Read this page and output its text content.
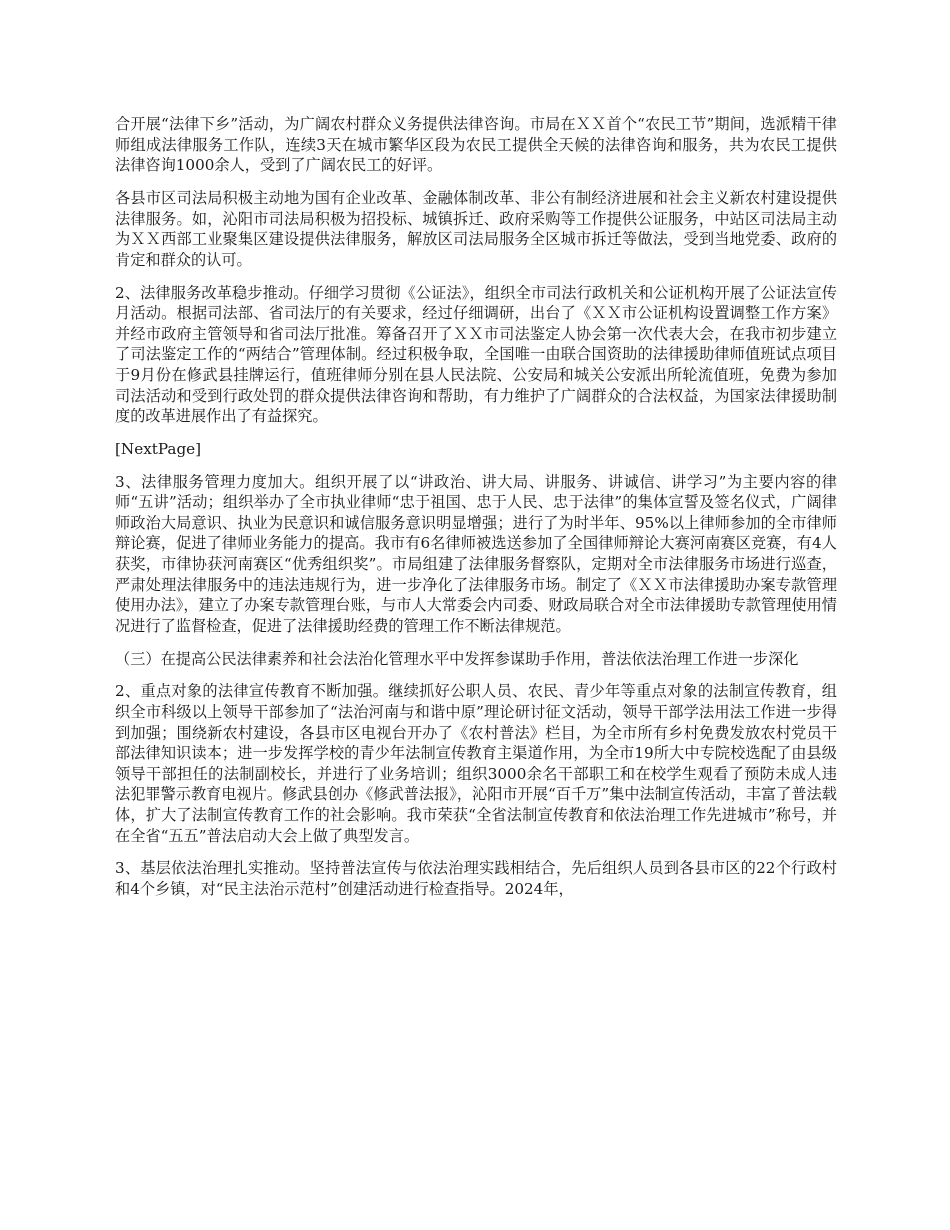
合开展“法律下乡”活动，为广阔农村群众义务提供法律咨询。市局在ＸＸ首个“农民工节”期间，选派精干律师组成法律服务工作队，连续3天在城市繁华区段为农民工提供全天候的法律咨询和服务，共为农民工提供法律咨询1000余人，受到了广阔农民工的好评。

各县市区司法局积极主动地为国有企业改革、金融体制改革、非公有制经济进展和社会主义新农村建设提供法律服务。如，沁阳市司法局积极为招投标、城镇拆迁、政府采购等工作提供公证服务，中站区司法局主动为ＸＸ西部工业聚集区建设提供法律服务，解放区司法局服务全区城市拆迁等做法，受到当地党委、政府的肯定和群众的认可。

2、法律服务改革稳步推动。仔细学习贯彻《公证法》，组织全市司法行政机关和公证机构开展了公证法宣传月活动。根据司法部、省司法厅的有关要求，经过仔细调研，出台了《ＸＸ市公证机构设置调整工作方案》并经市政府主管领导和省司法厅批准。筹备召开了ＸＸ市司法鉴定人协会第一次代表大会，在我市初步建立了司法鉴定工作的“两结合”管理体制。经过积极争取，全国唯一由联合国资助的法律援助律师值班试点项目于9月份在修武县挂牌运行，值班律师分别在县人民法院、公安局和城关公安派出所轮流值班，免费为参加司法活动和受到行政处罚的群众提供法律咨询和帮助，有力维护了广阔群众的合法权益，为国家法律援助制度的改革进展作出了有益探究。

[NextPage]

3、法律服务管理力度加大。组织开展了以“讲政治、讲大局、讲服务、讲诚信、讲学习”为主要内容的律师“五讲”活动；组织举办了全市执业律师“忠于祖国、忠于人民、忠于法律”的集体宣誓及签名仪式，广阔律师政治大局意识、执业为民意识和诚信服务意识明显增强；进行了为时半年、95%以上律师参加的全市律师辩论赛，促进了律师业务能力的提高。我市有6名律师被选送参加了全国律师辩论大赛河南赛区竞赛，有4人获奖，市律协获河南赛区“优秀组织奖”。市局组建了法律服务督察队，定期对全市法律服务市场进行巡查，严肃处理法律服务中的违法违规行为，进一步净化了法律服务市场。制定了《ＸＸ市法律援助办案专款管理使用办法》，建立了办案专款管理台账，与市人大常委会内司委、财政局联合对全市法律援助专款管理使用情况进行了监督检查，促进了法律援助经费的管理工作不断法律规范。

（三）在提高公民法律素养和社会法治化管理水平中发挥参谋助手作用，普法依法治理工作进一步深化

2、重点对象的法律宣传教育不断加强。继续抓好公职人员、农民、青少年等重点对象的法制宣传教育，组织全市科级以上领导干部参加了“法治河南与和谐中原”理论研讨征文活动，领导干部学法用法工作进一步得到加强；围绕新农村建设，各县市区电视台开办了《农村普法》栏目，为全市所有乡村免费发放农村党员干部法律知识读本；进一步发挥学校的青少年法制宣传教育主渠道作用，为全市19所大中专院校选配了由县级领导干部担任的法制副校长，并进行了业务培训；组织3000余名干部职工和在校学生观看了预防未成人违法犯罪警示教育电视片。修武县创办《修武普法报》，沁阳市开展“百千万”集中法制宣传活动，丰富了普法载体，扩大了法制宣传教育工作的社会影响。我市荣获“全省法制宣传教育和依法治理工作先进城市”称号，并在全省“五五”普法启动大会上做了典型发言。

3、基层依法治理扎实推动。坚持普法宣传与依法治理实践相结合，先后组织人员到各县市区的22个行政村和4个乡镇，对“民主法治示范村”创建活动进行检查指导。2024年，
